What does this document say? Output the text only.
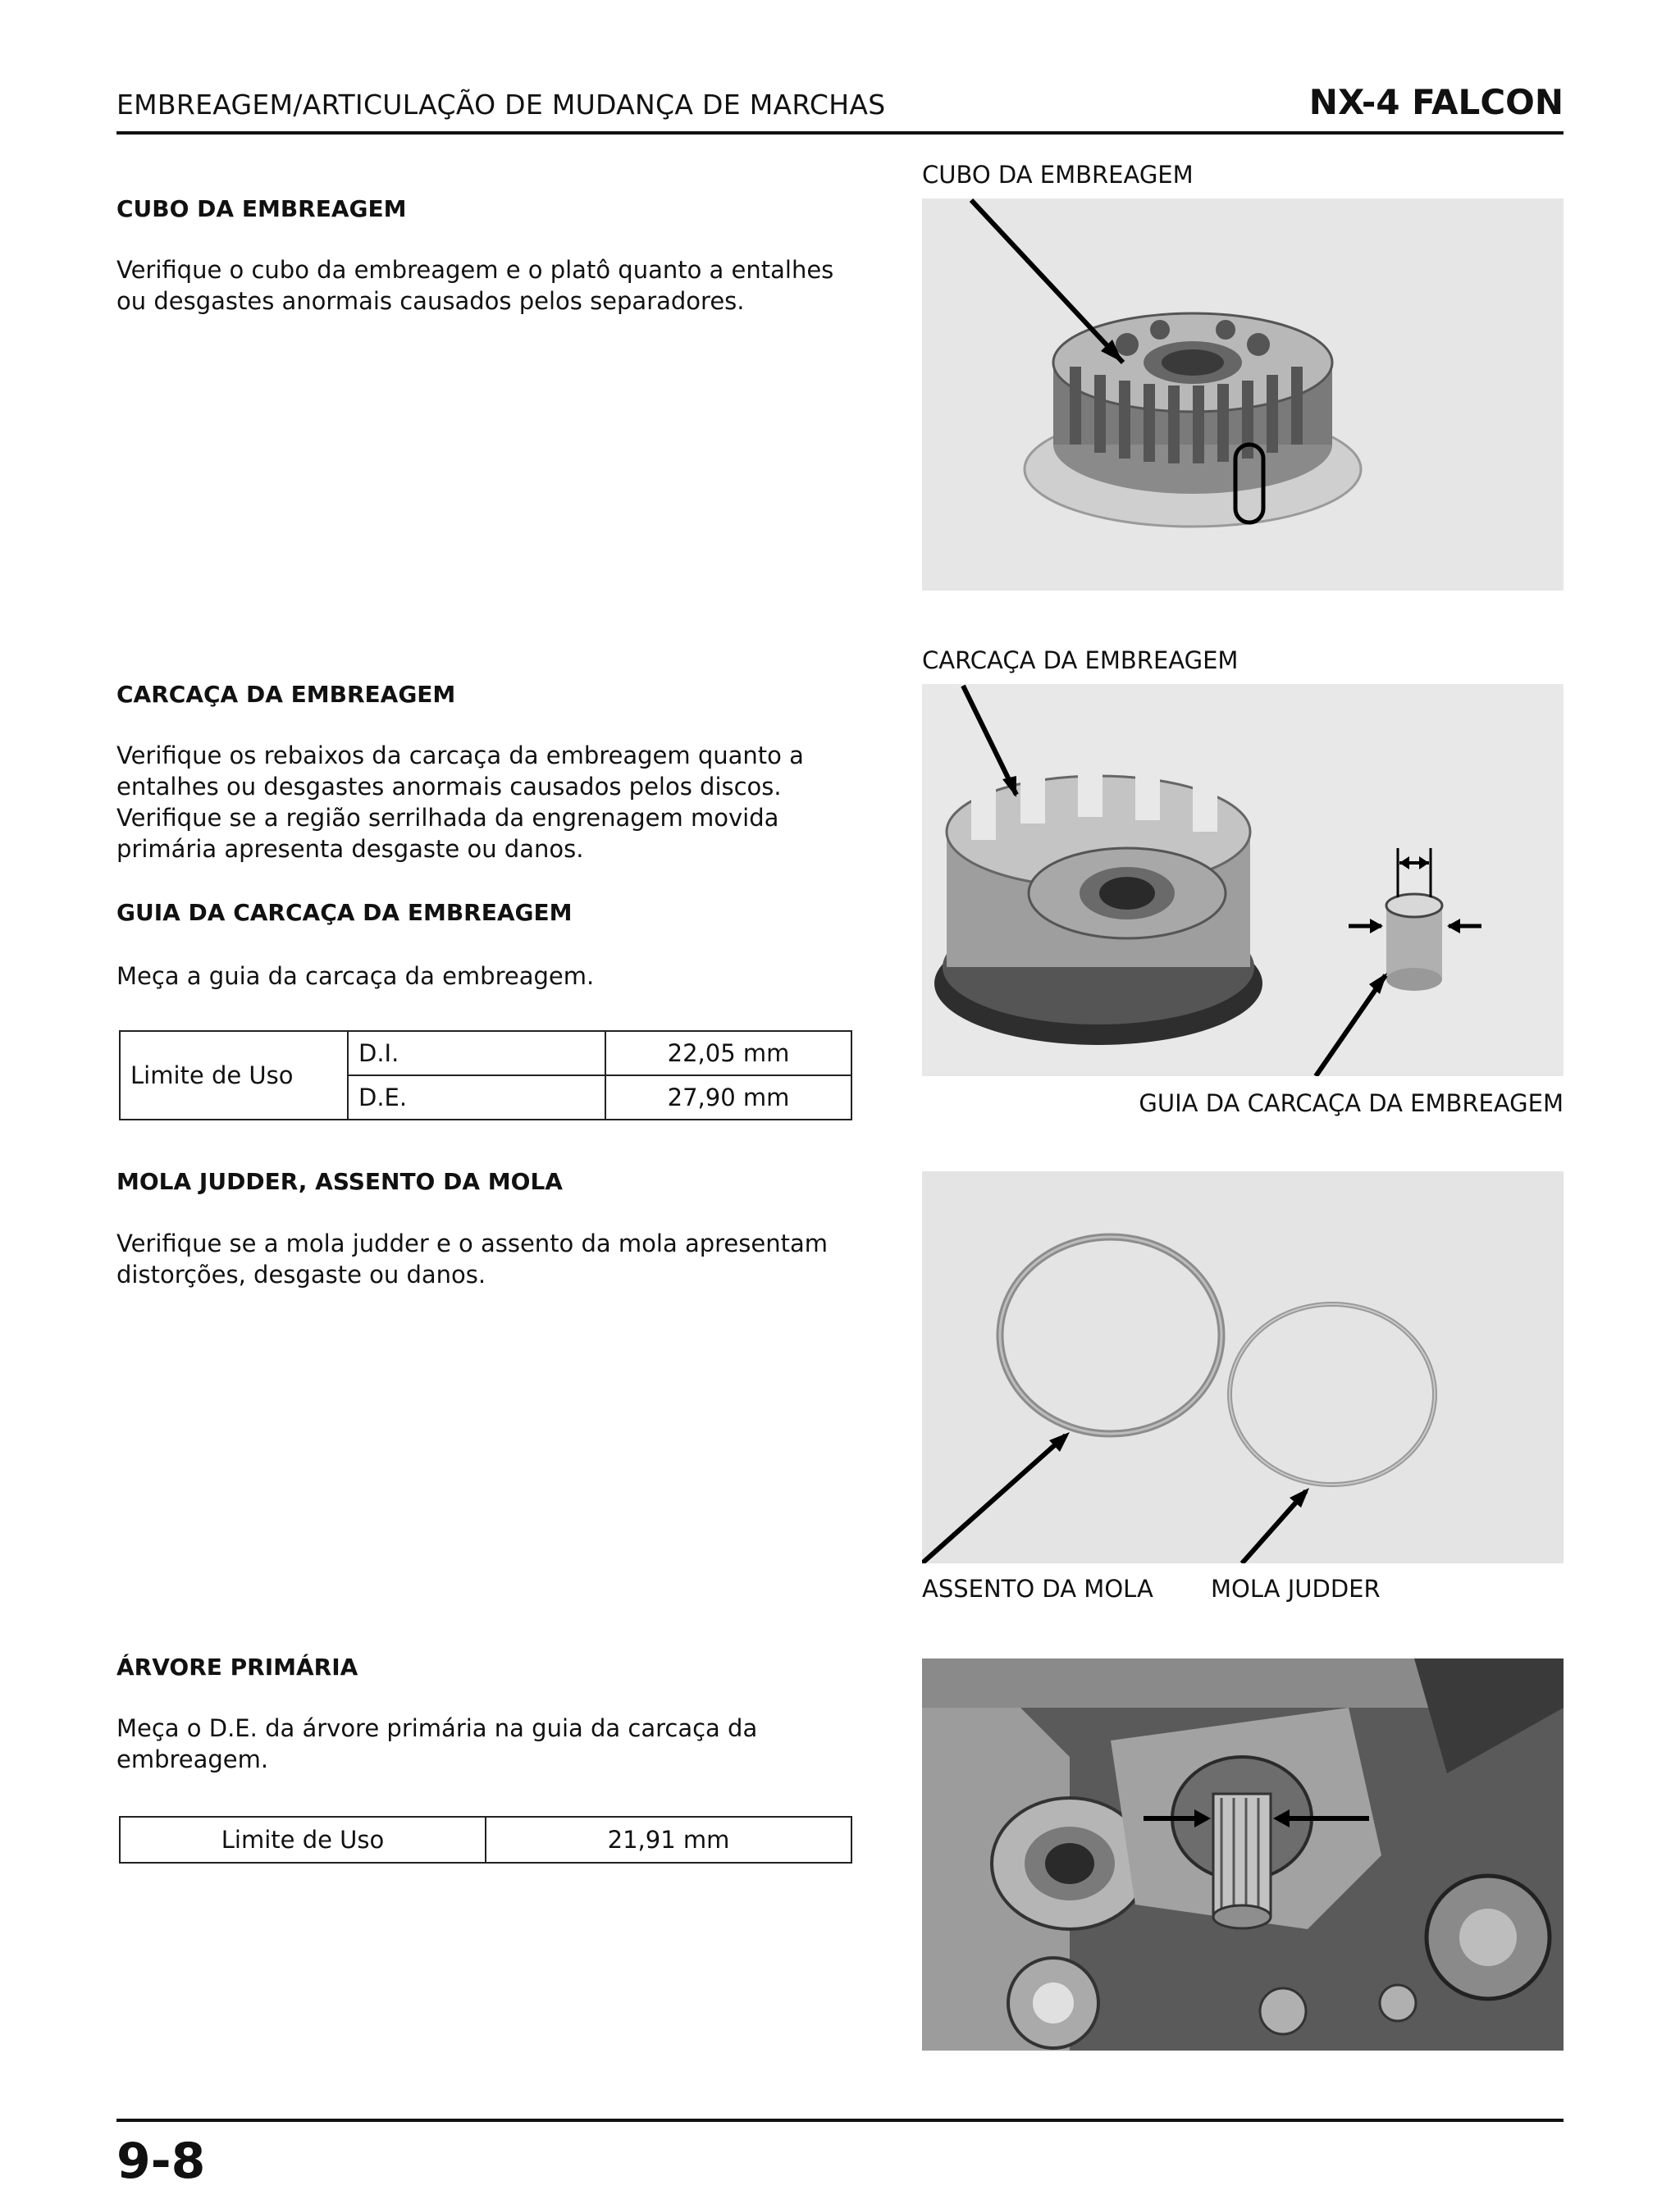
EMBREAGEM/ARTICULAÇÃO DE MUDANÇA DE MARCHAS	NX-4 FALCON
CUBO DA EMBREAGEM
Verifique o cubo da embreagem e o platô quanto a entalhes ou desgastes anormais causados pelos separadores.
CUBO DA EMBREAGEM
CARCAÇA DA EMBREAGEM
Verifique os rebaixos da carcaça da embreagem quanto a entalhes ou desgastes anormais causados pelos discos. Verifique se a região serrilhada da engrenagem movida primária apresenta desgaste ou danos.
CARCAÇA DA EMBREAGEM
GUIA DA CARCAÇA DA EMBREAGEM
GUIA DA CARCAÇA DA EMBREAGEM
Meça a guia da carcaça da embreagem.
Limite de Uso	D.I.	22,05 mm
	D.E.	27,90 mm
MOLA JUDDER, ASSENTO DA MOLA
Verifique se a mola judder e o assento da mola apresentam distorções, desgaste ou danos.
ASSENTO DA MOLA MOLA JUDDER
ÁRVORE PRIMÁRIA
Meça o D.E. da árvore primária na guia da carcaça da embreagem.
Limite de Uso	21,91 mm
9-8
